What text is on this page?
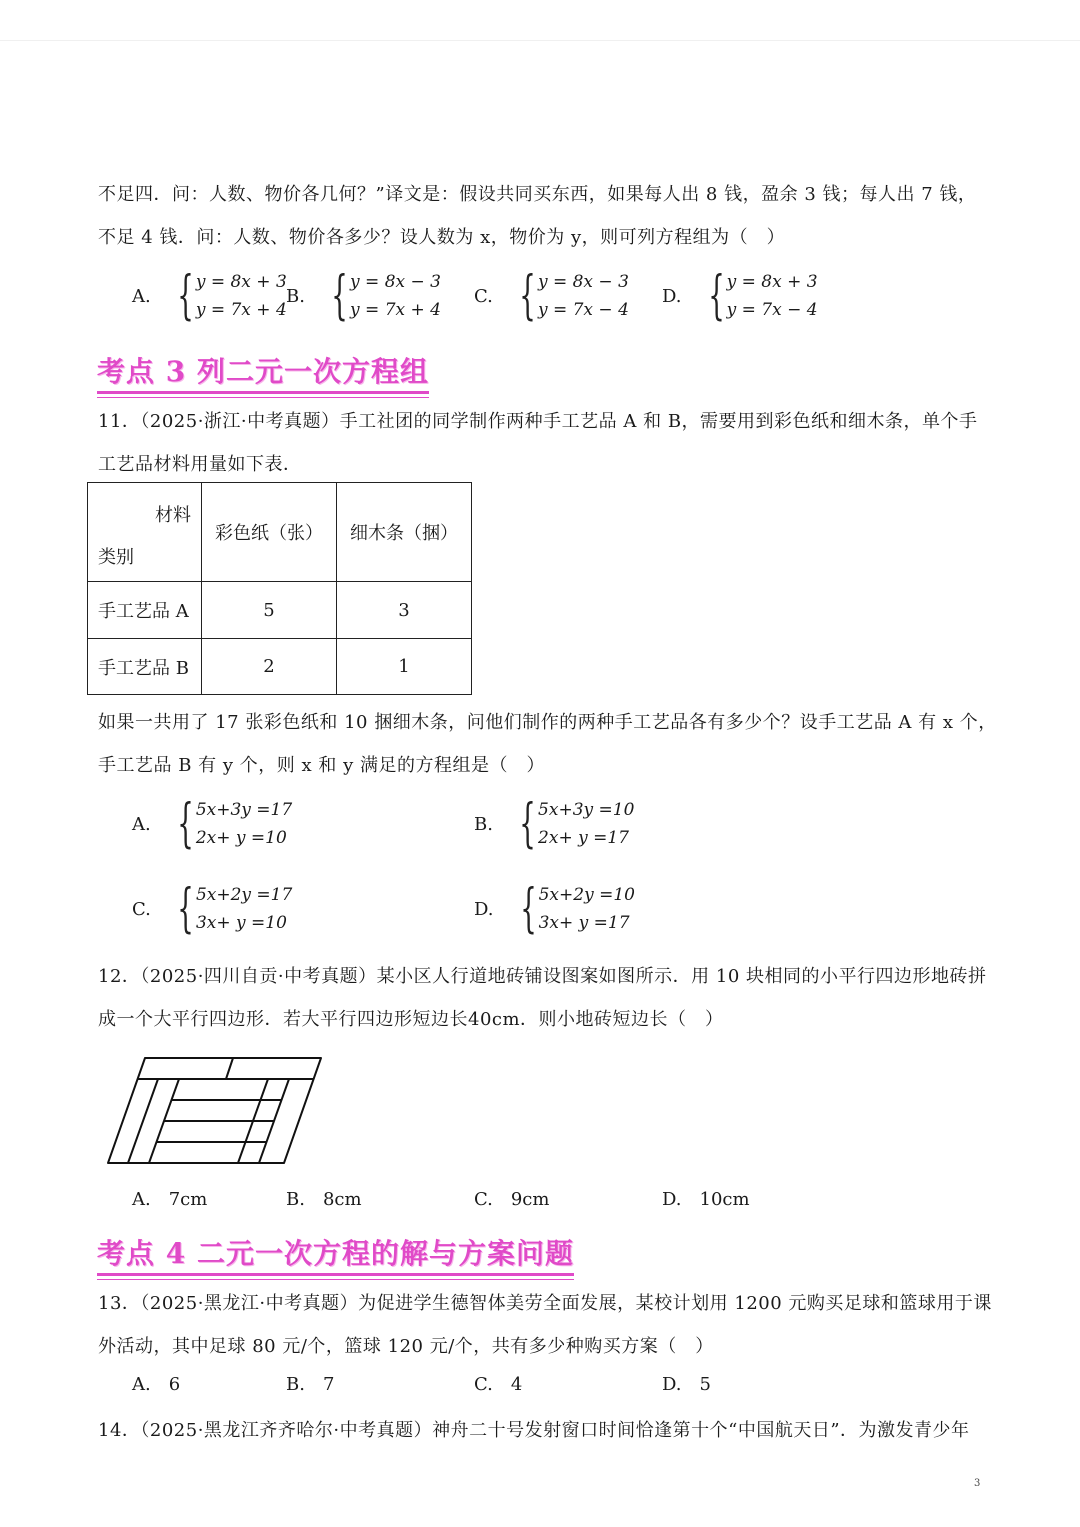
不足四．问：人数、物价各几何？”译文是：假设共同买东西，如果每人出 8 钱，盈余 3 钱；每人出 7 钱，
不足 4 钱．问：人数、物价各多少？设人数为 x，物价为 y，则可列方程组为（　）
A. { y = 8x + 3
y = 7x + 4
B. { y = 8x − 3
y = 7x + 4
C. { y = 8x − 3
y = 7x − 4
D. { y = 8x + 3
y = 7x − 4
考点 3 列二元一次方程组
11．（2025·浙江·中考真题）手工社团的同学制作两种手工艺品 A 和 B，需要用到彩色纸和细木条，单个手
工艺品材料用量如下表．
材料
类别	彩色纸（张）	细木条（捆）
手工艺品 A	5	3
手工艺品 B	2	1
如果一共用了 17 张彩色纸和 10 捆细木条，问他们制作的两种手工艺品各有多少个？设手工艺品 A 有 x 个，
手工艺品 B 有 y 个，则 x 和 y 满足的方程组是（　）
A. { 5x+3y =17
2x+ y =10
B. { 5x+3y =10
2x+ y =17
C. { 5x+2y =17
3x+ y =10
D. { 5x+2y =10
3x+ y =17
12．（2025·四川自贡·中考真题）某小区人行道地砖铺设图案如图所示．用 10 块相同的小平行四边形地砖拼
成一个大平行四边形．若大平行四边形短边长40cm．则小地砖短边长（　）
A. 7cm	B. 8cm	C. 9cm	D. 10cm
考点 4 二元一次方程的解与方案问题
13．（2025·黑龙江·中考真题）为促进学生德智体美劳全面发展，某校计划用 1200 元购买足球和篮球用于课
外活动，其中足球 80 元/个，篮球 120 元/个，共有多少种购买方案（　）
A. 6	B. 7	C. 4	D. 5
14．（2025·黑龙江齐齐哈尔·中考真题）神舟二十号发射窗口时间恰逢第十个“中国航天日”．为激发青少年
3
